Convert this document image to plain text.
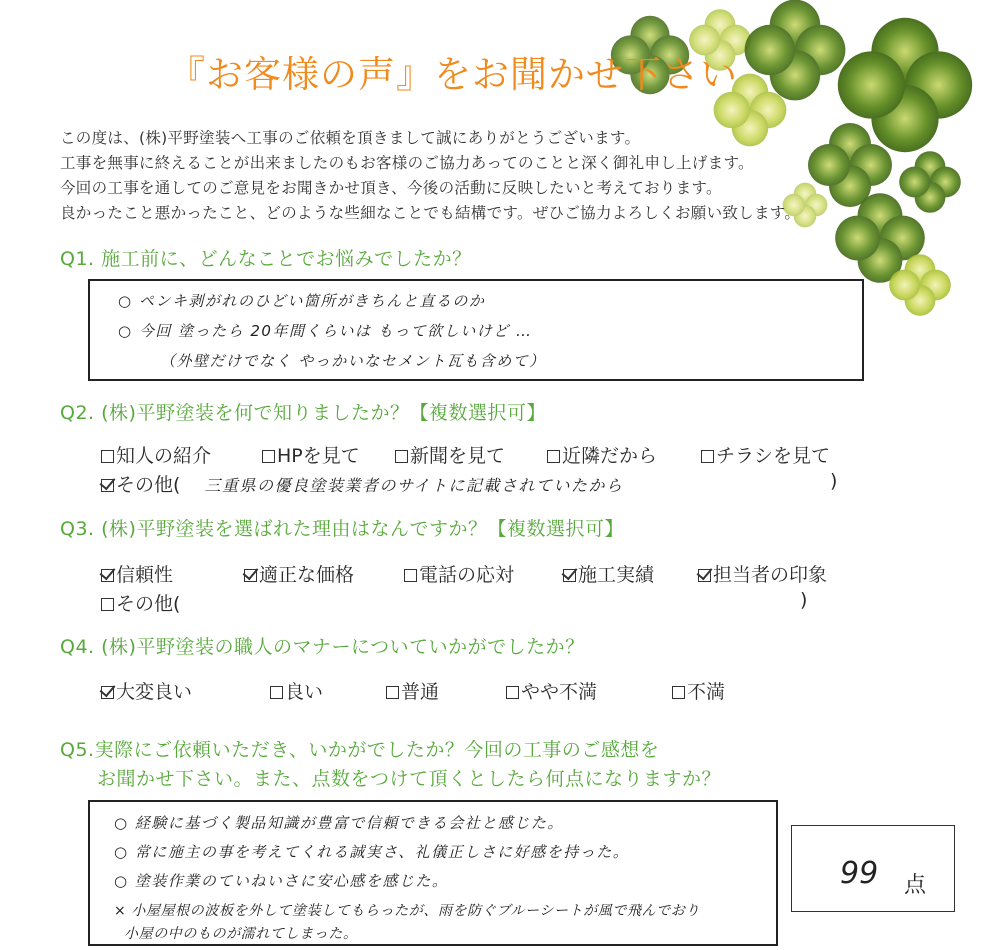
『お客様の声』をお聞かせ下さい
この度は、(株)平野塗装へ工事のご依頼を頂きまして誠にありがとうございます。
工事を無事に終えることが出来ましたのもお客様のご協力あってのことと深く御礼申し上げます。
今回の工事を通してのご意見をお聞きかせ頂き、今後の活動に反映したいと考えております。
良かったこと悪かったこと、どのような些細なことでも結構です。ぜひご協力よろしくお願い致します。
Q1. 施工前に、どんなことでお悩みでしたか？
○ ペンキ剥がれのひどい箇所がきちんと直るのか
○ 今回 塗ったら 20年間くらいは もって欲しいけど …
（外壁だけでなく やっかいなセメント瓦も含めて）
Q2. (株)平野塗装を何で知りましたか？【複数選択可】
知人の紹介	HPを見て	新聞を見て	近隣だから	チラシを見て
その他( 三重県の優良塗装業者のサイトに記載されていたから	)
Q3. (株)平野塗装を選ばれた理由はなんですか？【複数選択可】
信頼性	適正な価格	電話の応対	施工実績	担当者の印象
その他(	)
Q4. (株)平野塗装の職人のマナーについていかがでしたか？
大変良い	良い	普通	やや不満	不満
Q5.実際にご依頼いただき、いかがでしたか？今回の工事のご感想を
お聞かせ下さい。また、点数をつけて頂くとしたら何点になりますか？
○ 経験に基づく製品知識が豊富で信頼できる会社と感じた。
○ 常に施主の事を考えてくれる誠実さ、礼儀正しさに好感を持った。
○ 塗装作業のていねいさに安心感を感じた。
× 小屋屋根の波板を外して塗装してもらったが、雨を防ぐブルーシートが風で飛んでおり
小屋の中のものが濡れてしまった。
99 点
